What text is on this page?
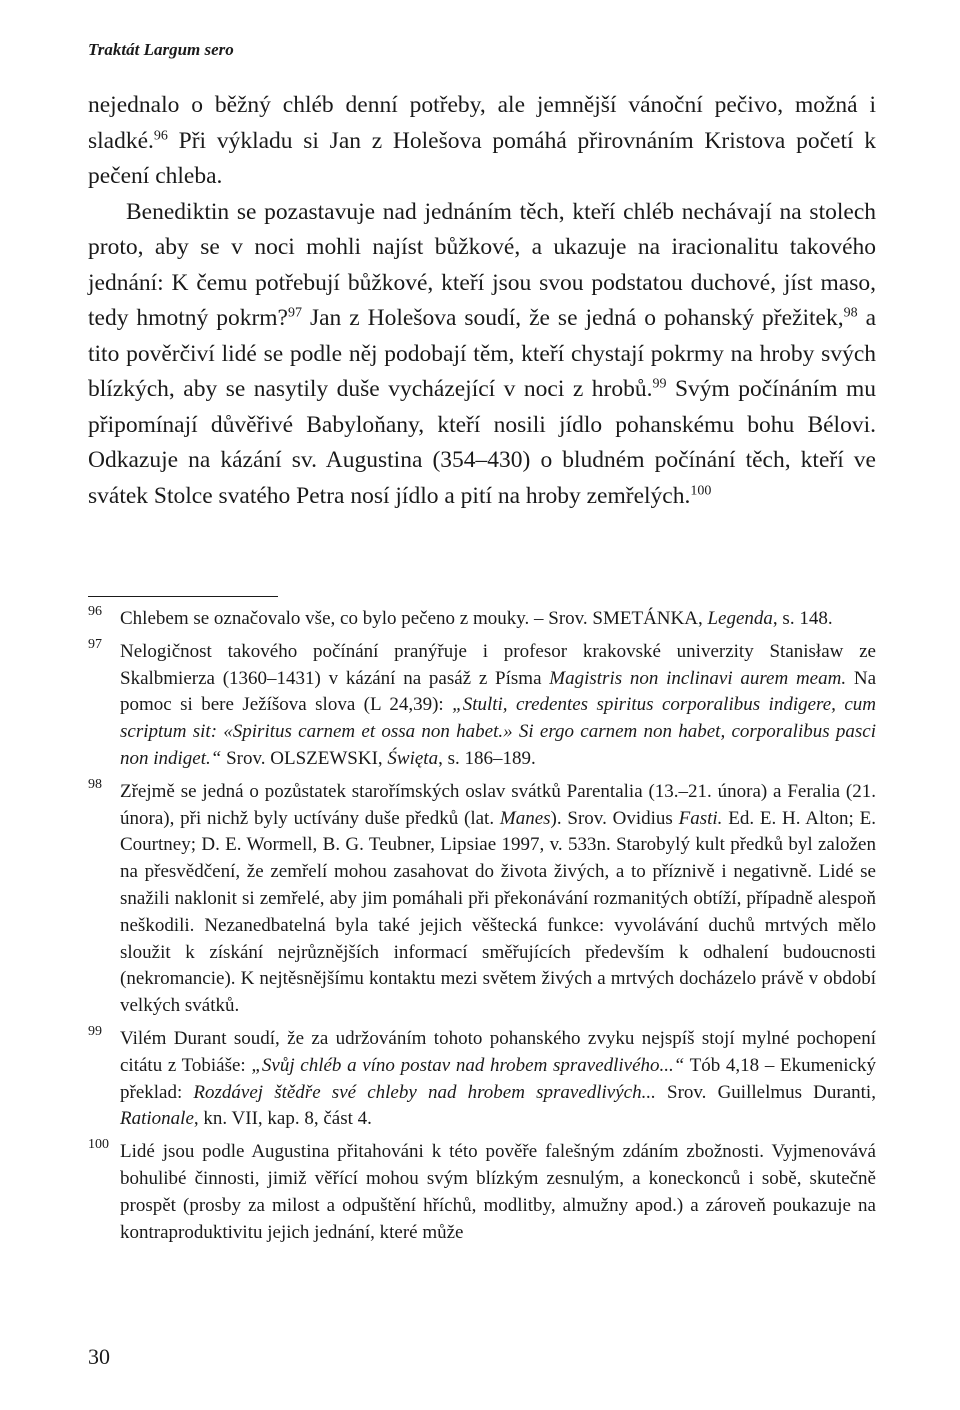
Traktát Largum sero

nejednalo o běžný chléb denní potřeby, ale jemnější vánoční pečivo, možná i sladké.$^{96}$ Při výkladu si Jan z Holešova pomáhá přirovnáním Kristova početí k pečení chleba.

Benediktin se pozastavuje nad jednáním těch, kteří chléb nechávají na stolech proto, aby se v noci mohli najíst bůžkové, a ukazuje na iracionalitu takového jednání: K čemu potřebují bůžkové, kteří jsou svou podstatou duchové, jíst maso, tedy hmotný pokrm?$^{97}$ Jan z Holešova soudí, že se jedná o pohanský přežitek,$^{98}$ a tito pověrčiví lidé se podle něj podobají těm, kteří chystají pokrmy na hroby svých blízkých, aby se nasytily duše vycházející v noci z hrobů.$^{99}$ Svým počínáním mu připomínají důvěřivé Babyloňany, kteří nosili jídlo pohanskému bohu Bélovi. Odkazuje na kázání sv. Augustina (354–430) o bludném počínání těch, kteří ve svátek Stolce svatého Petra nosí jídlo a pití na hroby zemřelých.$^{100}$

96 Chlebem se označovalo vše, co bylo pečeno z mouky. – Srov. SMETÁNKA, Legenda, s. 148.
97 Nelogičnost takového počínání pranýřuje i profesor krakovské univerzity Stanisław ze Skalbmierza (1360–1431) v kázání na pasáž z Písma Magistris non inclinavi aurem meam. Na pomoc si bere Ježíšova slova (L 24,39): „Stulti, credentes spiritus corporalibus indigere, cum scriptum sit: «Spiritus carnem et ossa non habet.» Si ergo carnem non habet, corporalibus pasci non indiget.“ Srov. OLSZEWSKI, Święta, s. 186–189.
98 Zřejmě se jedná o pozůstatek starořímských oslav svátků Parentalia (13.–21. února) a Feralia (21. února), při nichž byly uctívány duše předků (lat. Manes). Srov. Ovidius Fasti. Ed. E. H. Alton; E. Courtney; D. E. Wormell, B. G. Teubner, Lipsiae 1997, v. 533n. Starobylý kult předků byl založen na přesvědčení, že zemřelí mohou zasahovat do života živých, a to příznivě i negativně. Lidé se snažili naklonit si zemřelé, aby jim pomáhali při překonávání rozmanitých obtíží, případně alespoň neškodili. Nezanedbatelná byla také jejich věštecká funkce: vyvolávání duchů mrtvých mělo sloužit k získání nejrůznějších informací směřujících především k odhalení budoucnosti (nekromancie). K nejtěsnějšímu kontaktu mezi světem živých a mrtvých docházelo právě v období velkých svátků.
99 Vilém Durant soudí, že za udržováním tohoto pohanského zvyku nejspíš stojí mylné pochopení citátu z Tobiáše: „Svůj chléb a víno postav nad hrobem spravedlivého...“ Tób 4,18 – Ekumenický překlad: Rozdávej štědře své chleby nad hrobem spravedlivých... Srov. Guillelmus Duranti, Rationale, kn. VII, kap. 8, část 4.
100 Lidé jsou podle Augustina přitahováni k této pověře falešným zdáním zbožnosti. Vyjmenovává bohulibé činnosti, jimiž věřící mohou svým blízkým zesnulým, a koneckonců i sobě, skutečně prospět (prosby za milost a odpuštění hříchů, modlitby, almužny apod.) a zároveň poukazuje na kontraproduktivitu jejich jednání, které může
30
